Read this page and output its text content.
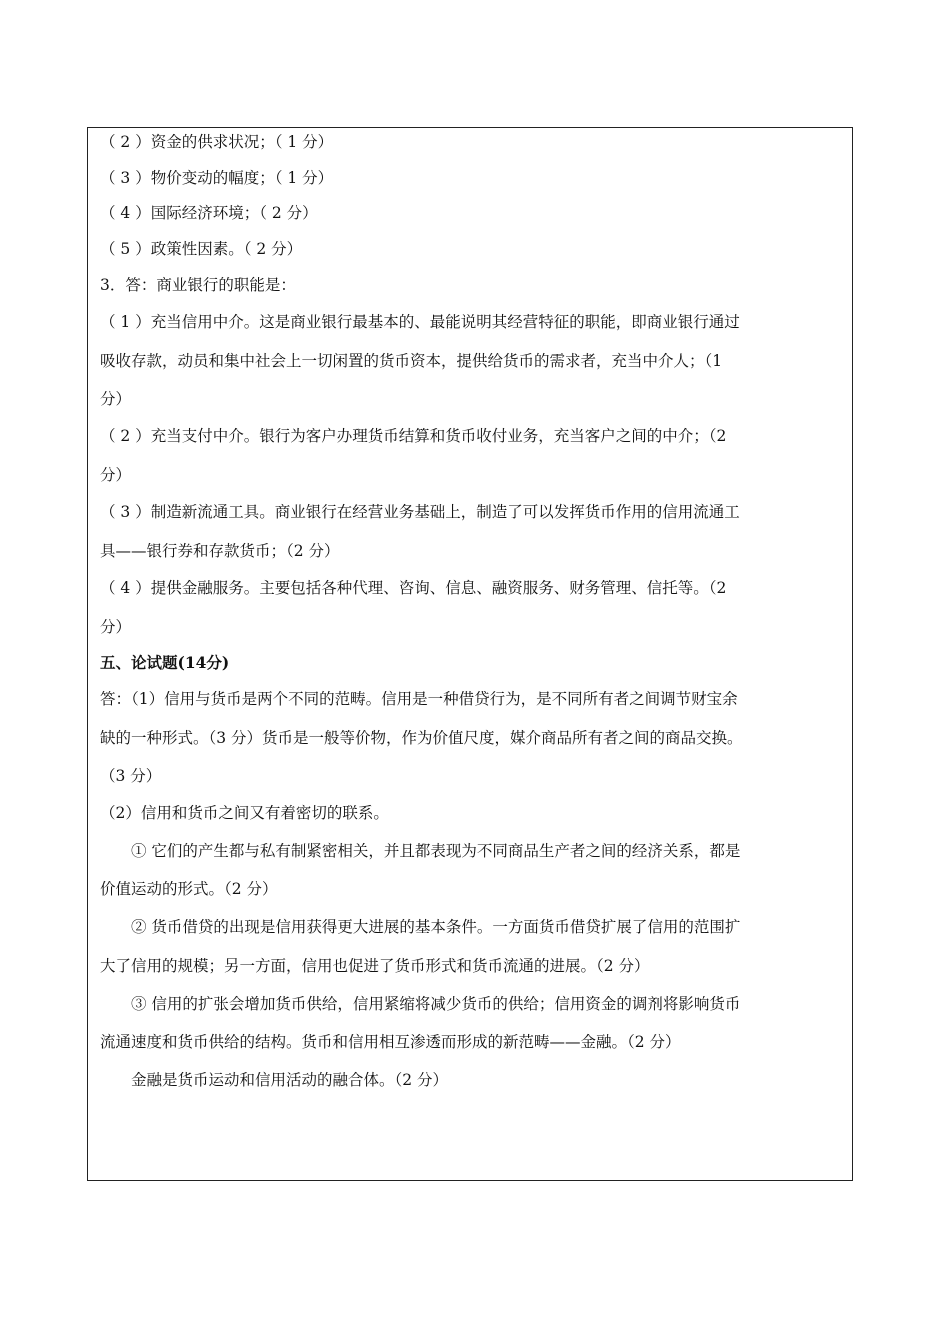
（ 2 ）资金的供求状况；（ 1 分）
（ 3 ）物价变动的幅度；（ 1 分）
（ 4 ）国际经济环境；（ 2 分）
（ 5 ）政策性因素。（ 2 分）
3．答：商业银行的职能是：
（ 1 ）充当信用中介。这是商业银行最基本的、最能说明其经营特征的职能，即商业银行通过
吸收存款，动员和集中社会上一切闲置的货币资本，提供给货币的需求者，充当中介人；（1
分）
（ 2 ）充当支付中介。银行为客户办理货币结算和货币收付业务，充当客户之间的中介；（2
分）
（ 3 ）制造新流通工具。商业银行在经营业务基础上，制造了可以发挥货币作用的信用流通工
具——银行券和存款货币；（2 分）
（ 4 ）提供金融服务。主要包括各种代理、咨询、信息、融资服务、财务管理、信托等。（2
分）
五、论试题(14分)
答：（1）信用与货币是两个不同的范畴。信用是一种借贷行为，是不同所有者之间调节财宝余
缺的一种形式。（3 分）货币是一般等价物，作为价值尺度，媒介商品所有者之间的商品交换。
（3 分）
（2）信用和货币之间又有着密切的联系。
① 它们的产生都与私有制紧密相关，并且都表现为不同商品生产者之间的经济关系，都是
价值运动的形式。（2 分）
② 货币借贷的出现是信用获得更大进展的基本条件。一方面货币借贷扩展了信用的范围扩
大了信用的规模；另一方面，信用也促进了货币形式和货币流通的进展。（2 分）
③ 信用的扩张会增加货币供给，信用紧缩将减少货币的供给；信用资金的调剂将影响货币
流通速度和货币供给的结构。货币和信用相互渗透而形成的新范畴——金融。（2 分）
金融是货币运动和信用活动的融合体。（2 分）
